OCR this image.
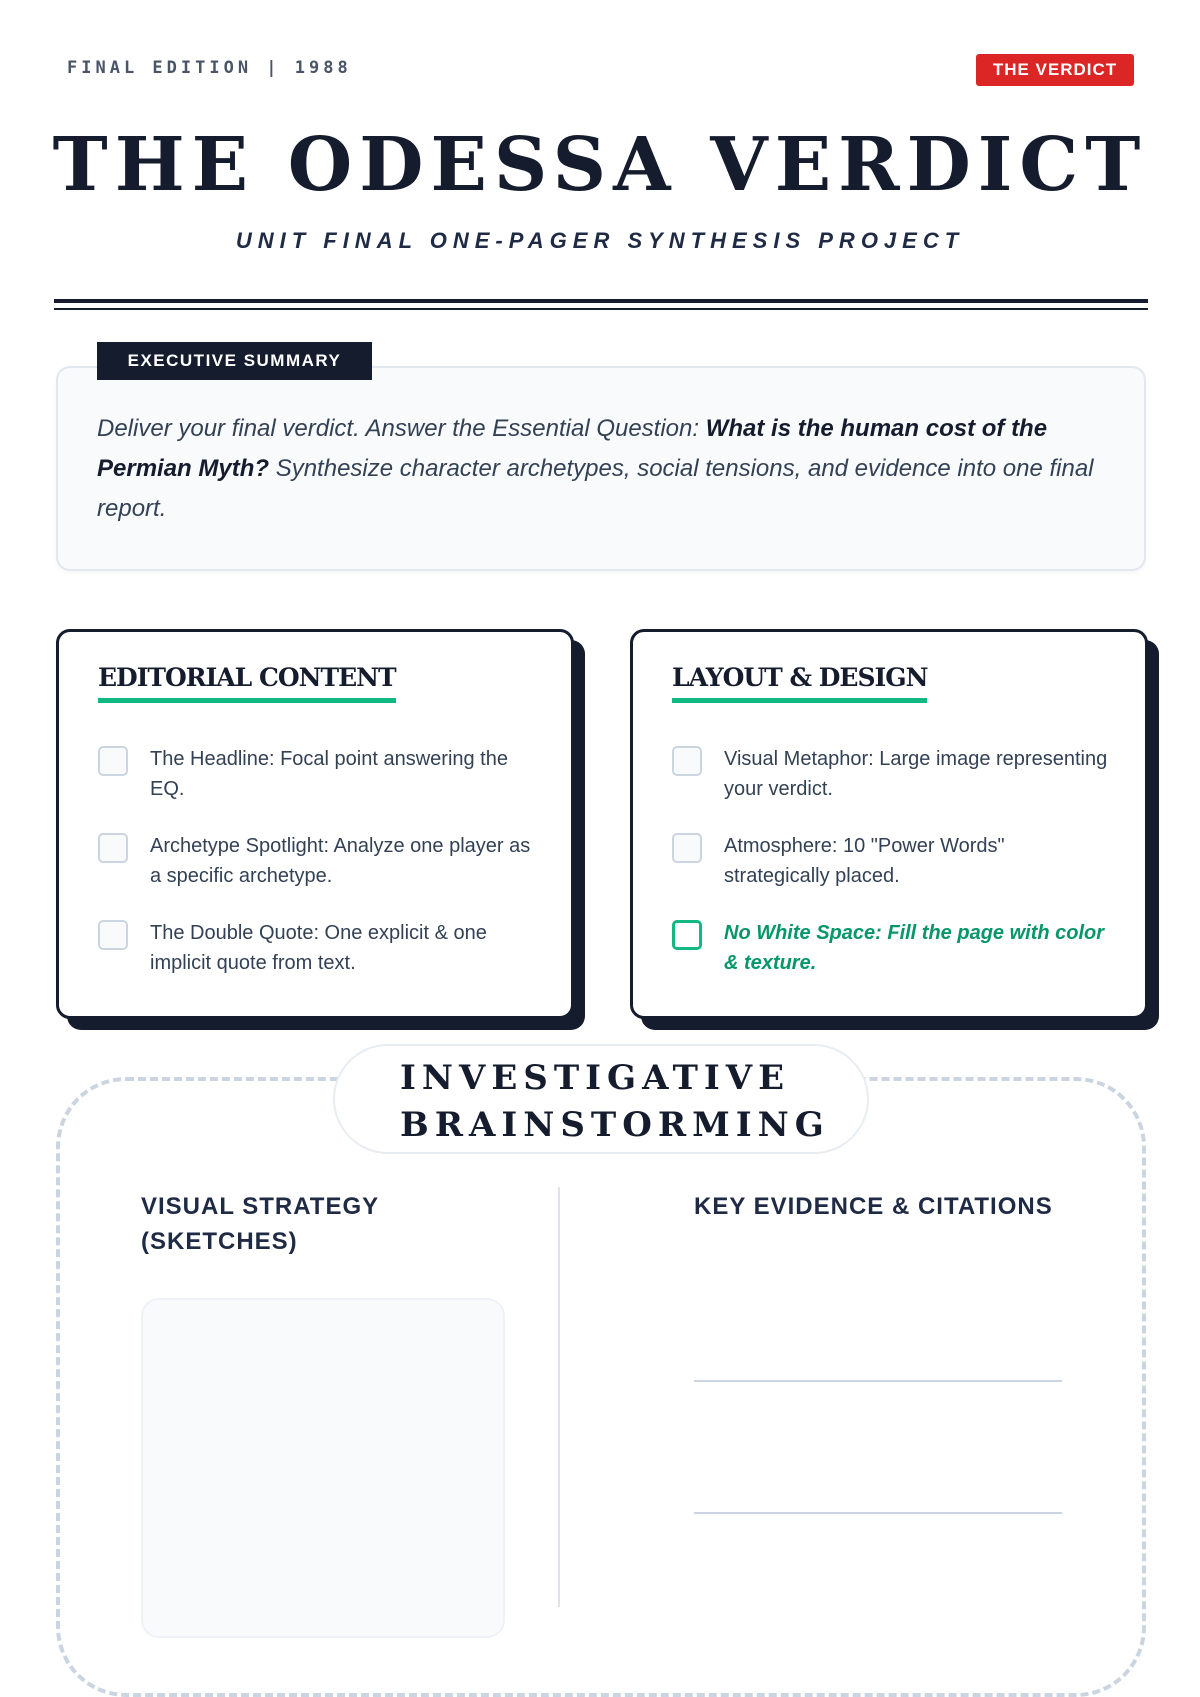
FINAL EDITION | 1988	THE VERDICT
THE ODESSA VERDICT
UNIT FINAL ONE-PAGER SYNTHESIS PROJECT
EXECUTIVE SUMMARY
Deliver your final verdict. Answer the Essential Question: What is the human cost of the Permian Myth? Synthesize character archetypes, social tensions, and evidence into one final report.
EDITORIAL CONTENT
The Headline: Focal point answering the EQ.
Archetype Spotlight: Analyze one player as a specific archetype.
The Double Quote: One explicit & one implicit quote from text.
LAYOUT & DESIGN
Visual Metaphor: Large image representing your verdict.
Atmosphere: 10 "Power Words" strategically placed.
No White Space: Fill the page with color & texture.
INVESTIGATIVE
BRAINSTORMING
VISUAL STRATEGY
(SKETCHES)
KEY EVIDENCE & CITATIONS
